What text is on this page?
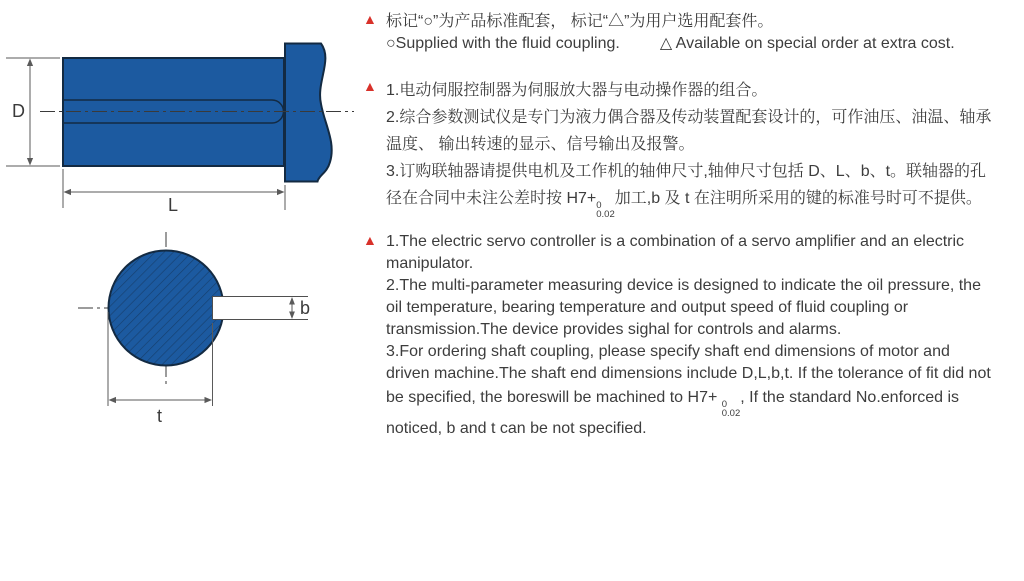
D
L
b
t
▲ 标记“○”为产品标准配套， 标记“△”为用户选用配套件。
○Supplied with the fluid coupling.	△ Available on special order at extra cost.
▲ 1.电动伺服控制器为伺服放大器与电动操作器的组合。
2.综合参数测试仪是专门为液力偶合器及传动装置配套设计的，可作油压、油温、轴承
温度、 输出转速的显示、信号输出及报警。
3.订购联轴器请提供电机及工作机的轴伸尺寸,轴伸尺寸包括 D、L、b、t。联轴器的孔
径在合同中未注公差时按 H7+ 0
0.02
加工,b 及 t 在注明所采用的键的标准号时可不提供。
▲ 1.The electric servo controller is a combination of a servo amplifier and an electric
manipulator.
2.The multi-parameter measuring device is designed to indicate the oil pressure, the
oil temperature, bearing temperature and output speed of fluid coupling or
transmission.The device provides sighal for controls and alarms.
3.For ordering shaft coupling, please specify shaft end dimensions of motor and
driven machine.The shaft end dimensions include D,L,b,t. If the tolerance of fit did not
be specified, the boreswill be machined to H7+ 0
0.02
, If the standard No.enforced is
noticed, b and t can be not specified.
